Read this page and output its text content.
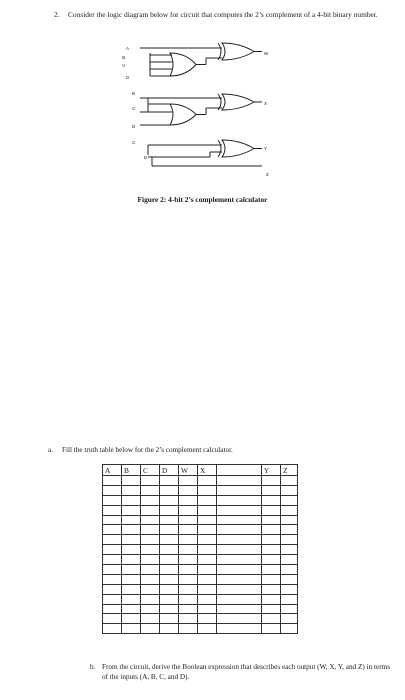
2. Consider the logic diagram below for circuit that computes the 2’s complement of a 4-bit binary number.
A
B
C
D
B
C
D
C
D
W
X
Y
Z
Figure 2: 4-bit 2’s complement calculator
a. Fill the truth table below for the 2’s complement calculator.
A	B	C	D	W	X		Y	Z

b. From the circuit, derive the Boolean expression that describes each output (W, X, Y, and Z) in terms of the inputs (A, B, C, and D).
